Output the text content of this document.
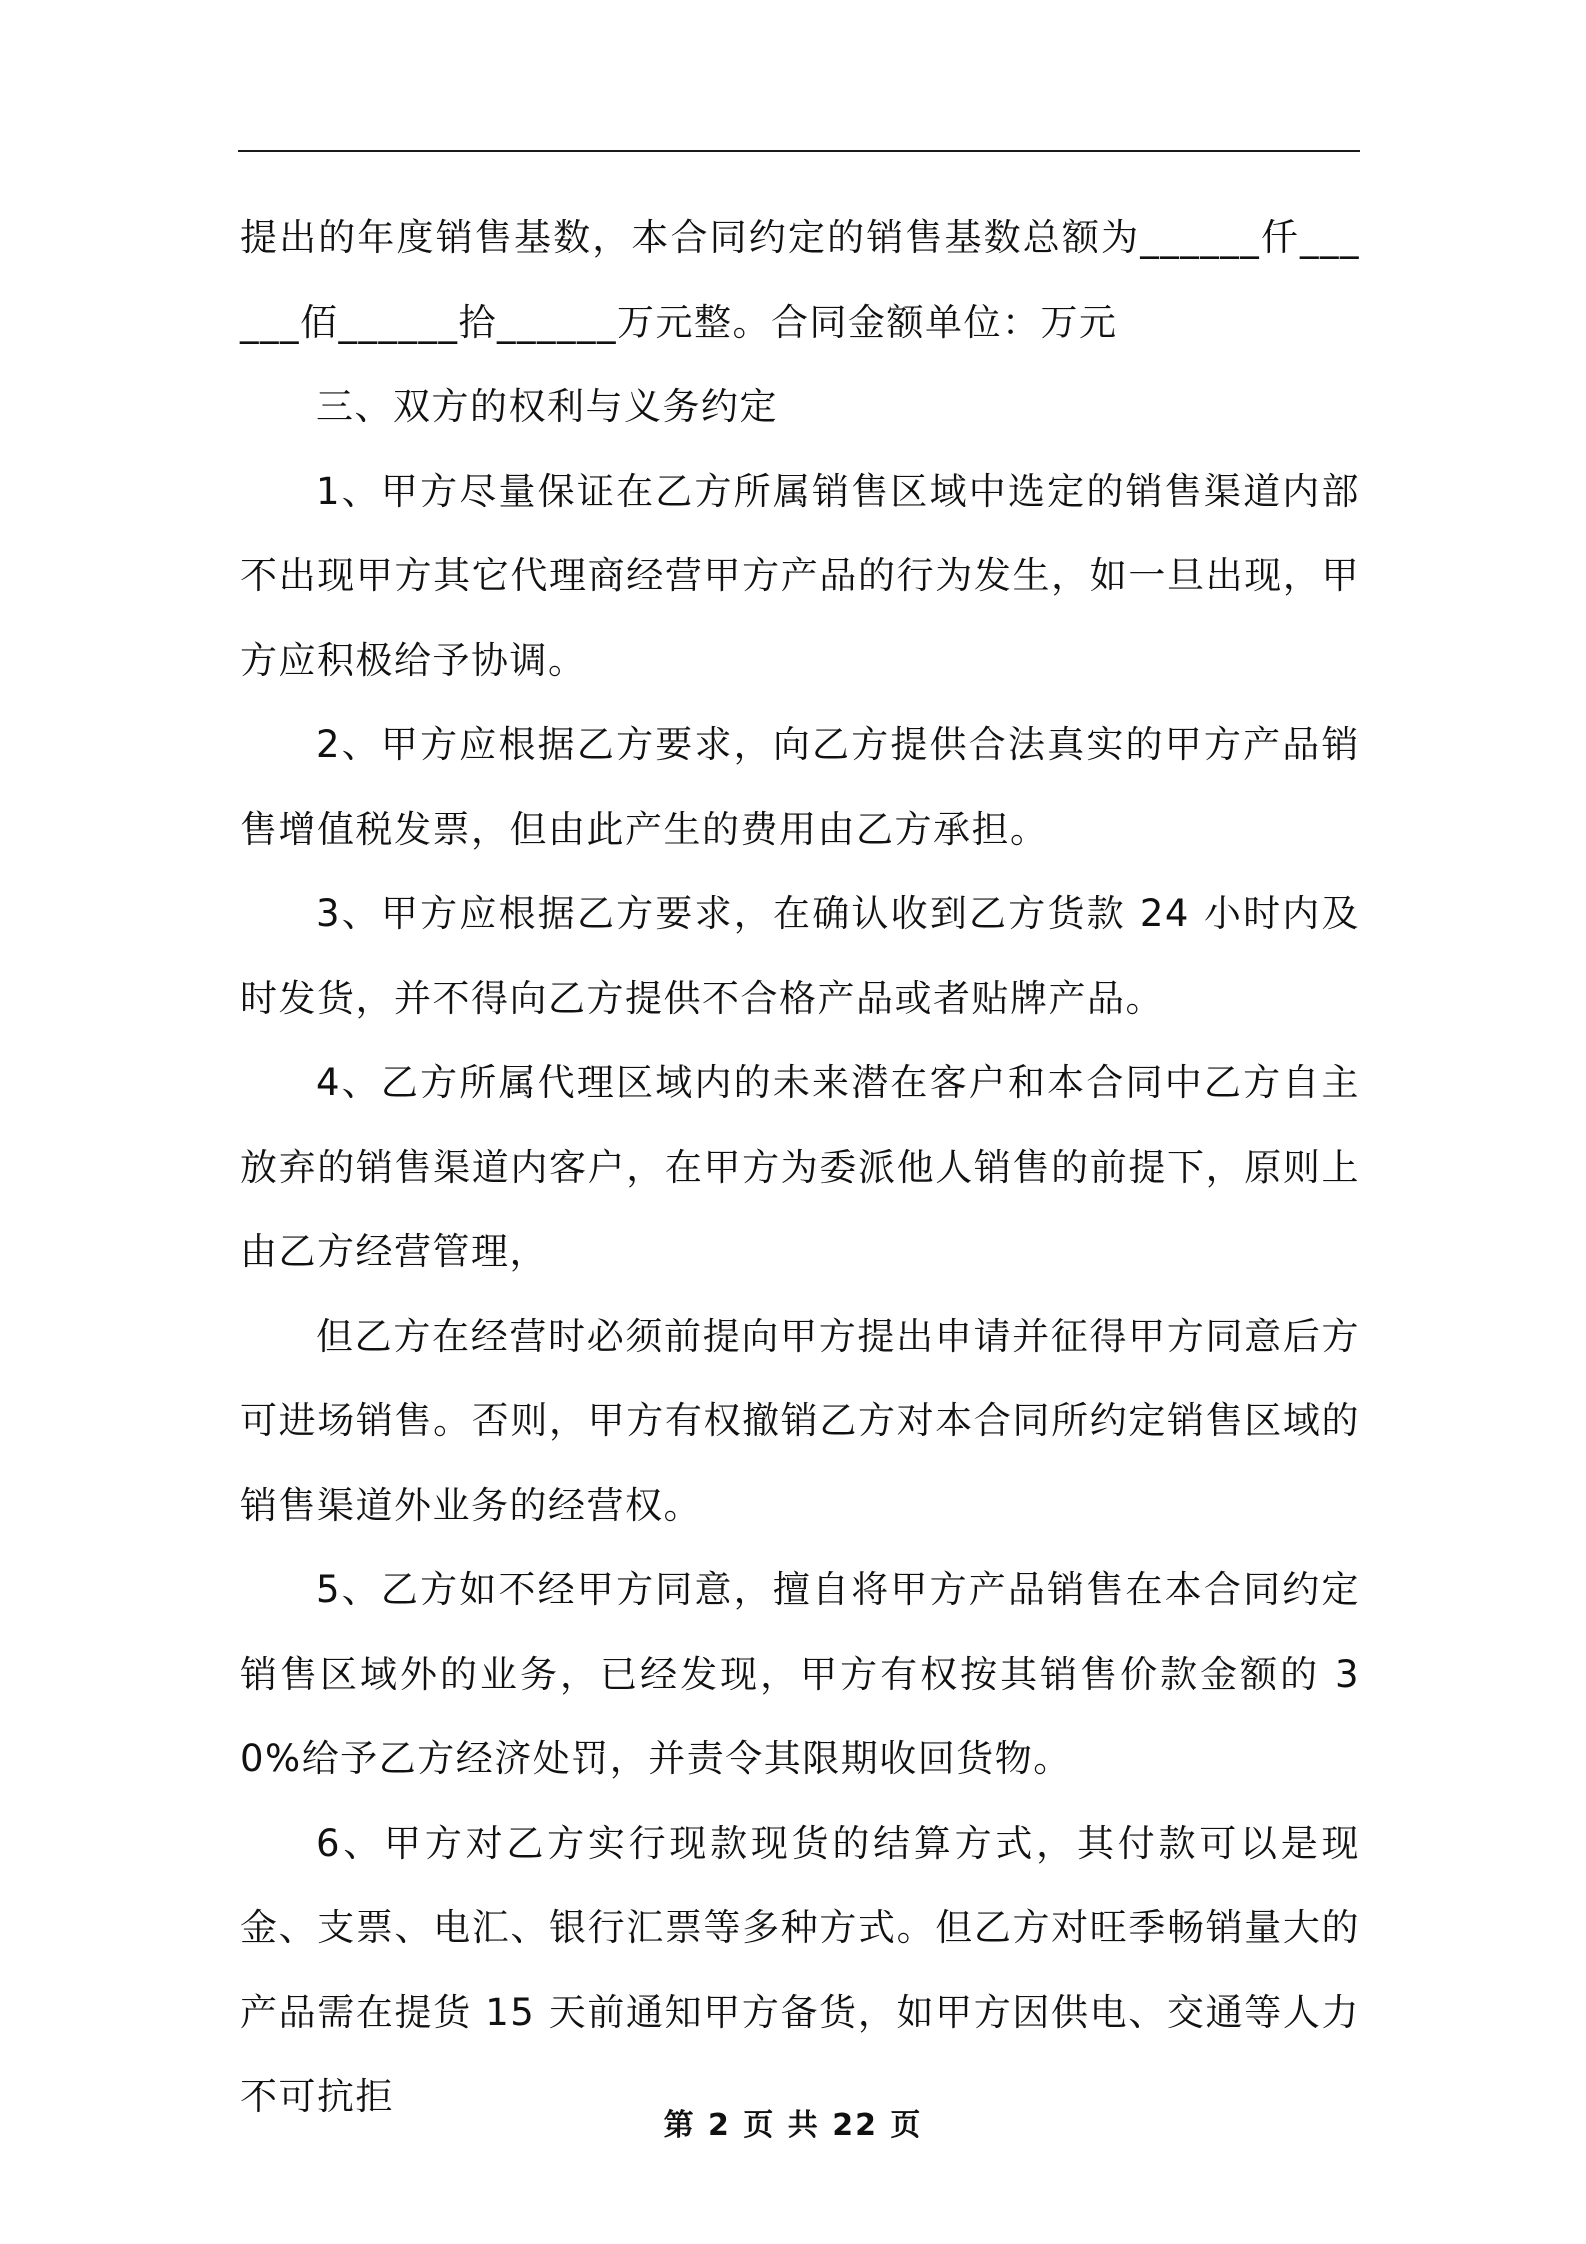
提出的年度销售基数，本合同约定的销售基数总额为______仟______佰______拾______万元整。合同金额单位：万元

三、双方的权利与义务约定

1、甲方尽量保证在乙方所属销售区域中选定的销售渠道内部不出现甲方其它代理商经营甲方产品的行为发生，如一旦出现，甲方应积极给予协调。

2、甲方应根据乙方要求，向乙方提供合法真实的甲方产品销售增值税发票，但由此产生的费用由乙方承担。

3、甲方应根据乙方要求，在确认收到乙方货款 24 小时内及时发货，并不得向乙方提供不合格产品或者贴牌产品。

4、乙方所属代理区域内的未来潜在客户和本合同中乙方自主放弃的销售渠道内客户，在甲方为委派他人销售的前提下，原则上由乙方经营管理，

但乙方在经营时必须前提向甲方提出申请并征得甲方同意后方可进场销售。否则，甲方有权撤销乙方对本合同所约定销售区域的销售渠道外业务的经营权。

5、乙方如不经甲方同意，擅自将甲方产品销售在本合同约定销售区域外的业务，已经发现，甲方有权按其销售价款金额的 30%给予乙方经济处罚，并责令其限期收回货物。

6、甲方对乙方实行现款现货的结算方式，其付款可以是现金、支票、电汇、银行汇票等多种方式。但乙方对旺季畅销量大的产品需在提货 15 天前通知甲方备货，如甲方因供电、交通等人力不可抗拒

第 2 页 共 22 页
